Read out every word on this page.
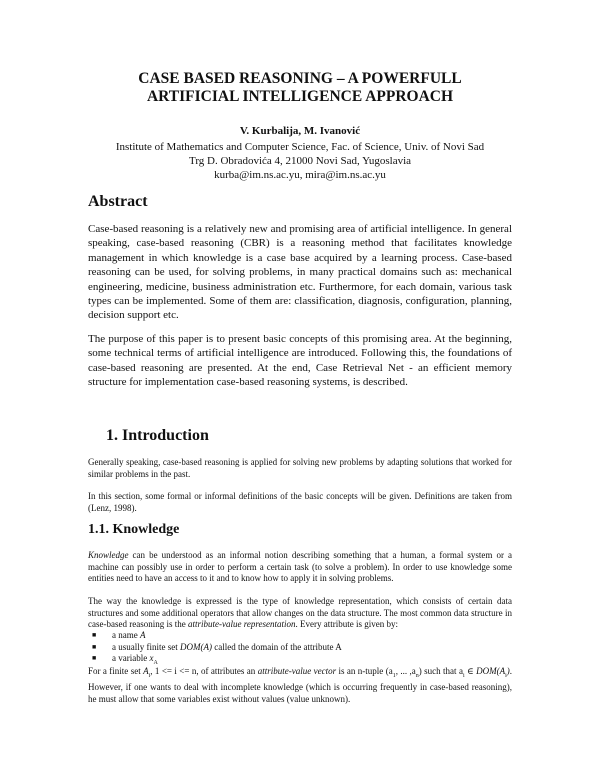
CASE BASED REASONING – A POWERFULL
ARTIFICIAL INTELLIGENCE APPROACH
V. Kurbalija, M. Ivanović
Institute of Mathematics and Computer Science, Fac. of Science, Univ. of Novi Sad
Trg D. Obradovića 4, 21000 Novi Sad, Yugoslavia
kurba@im.ns.ac.yu, mira@im.ns.ac.yu
Abstract

Case-based reasoning is a relatively new and promising area of artificial intelligence. In general speaking, case-based reasoning (CBR) is a reasoning method that facilitates knowledge management in which knowledge is a case base acquired by a learning process. Case-based reasoning can be used, for solving problems, in many practical domains such as: mechanical engineering, medicine, business administration etc. Furthermore, for each domain, various task types can be implemented. Some of them are: classification, diagnosis, configuration, planning, decision support etc.

The purpose of this paper is to present basic concepts of this promising area. At the beginning, some technical terms of artificial intelligence are introduced. Following this, the foundations of case-based reasoning are presented. At the end, Case Retrieval Net - an efficient memory structure for implementation case-based reasoning systems, is described.

1. Introduction

Generally speaking, case-based reasoning is applied for solving new problems by adapting solutions that worked for similar problems in the past.

In this section, some formal or informal definitions of the basic concepts will be given. Definitions are taken from (Lenz, 1998).

1.1. Knowledge

Knowledge can be understood as an informal notion describing something that a human, a formal system or a machine can possibly use in order to perform a certain task (to solve a problem). In order to use knowledge some entities need to have an access to it and to know how to apply it in solving problems.

The way the knowledge is expressed is the type of knowledge representation, which consists of certain data structures and some additional operators that allow changes on the data structure. The most common data structure in case-based reasoning is the attribute-value representation. Every attribute is given by:

■ a name A
■ a usually finite set DOM(A) called the domain of the attribute A
■ a variable $x_A$

For a finite set $A_i$, 1 <= i <= n, of attributes an attribute-value vector is an n-tuple ($a_1$, ... $,a_n$) such that $a_i$ ∈ $DOM(A_i)$. However, if one wants to deal with incomplete knowledge (which is occurring frequently in case-based reasoning), he must allow that some variables exist without values (value unknown).
